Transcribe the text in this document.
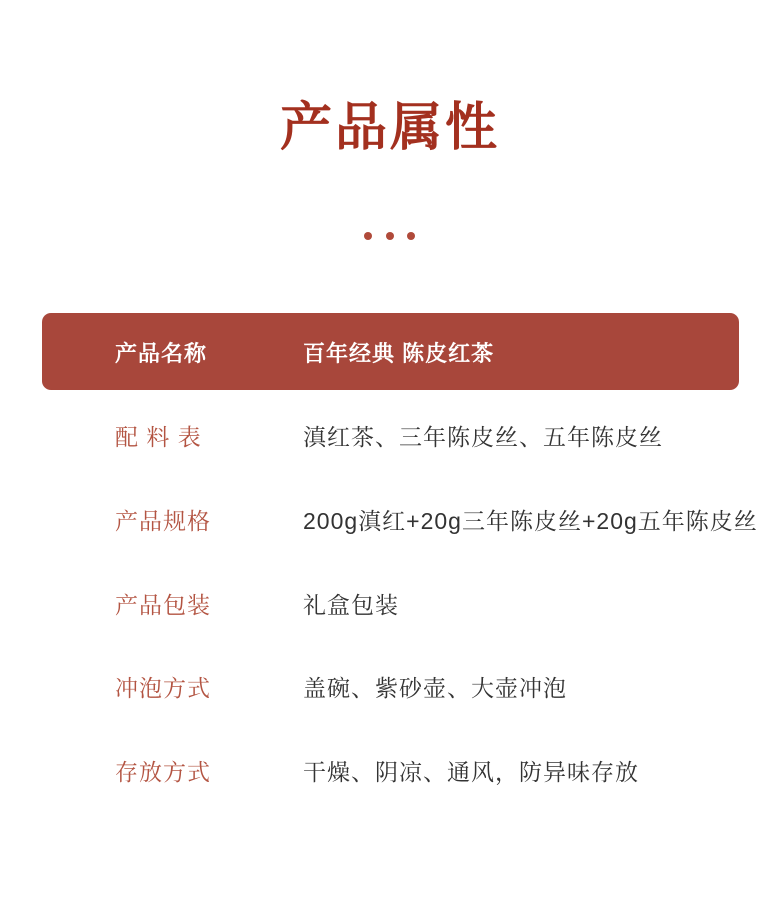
产品属性
产品名称	百年经典 陈皮红茶
配 料 表	滇红茶、三年陈皮丝、五年陈皮丝
产品规格	200g滇红+20g三年陈皮丝+20g五年陈皮丝
产品包装	礼盒包装
冲泡方式	盖碗、紫砂壶、大壶冲泡
存放方式	干燥、阴凉、通风，防异味存放
